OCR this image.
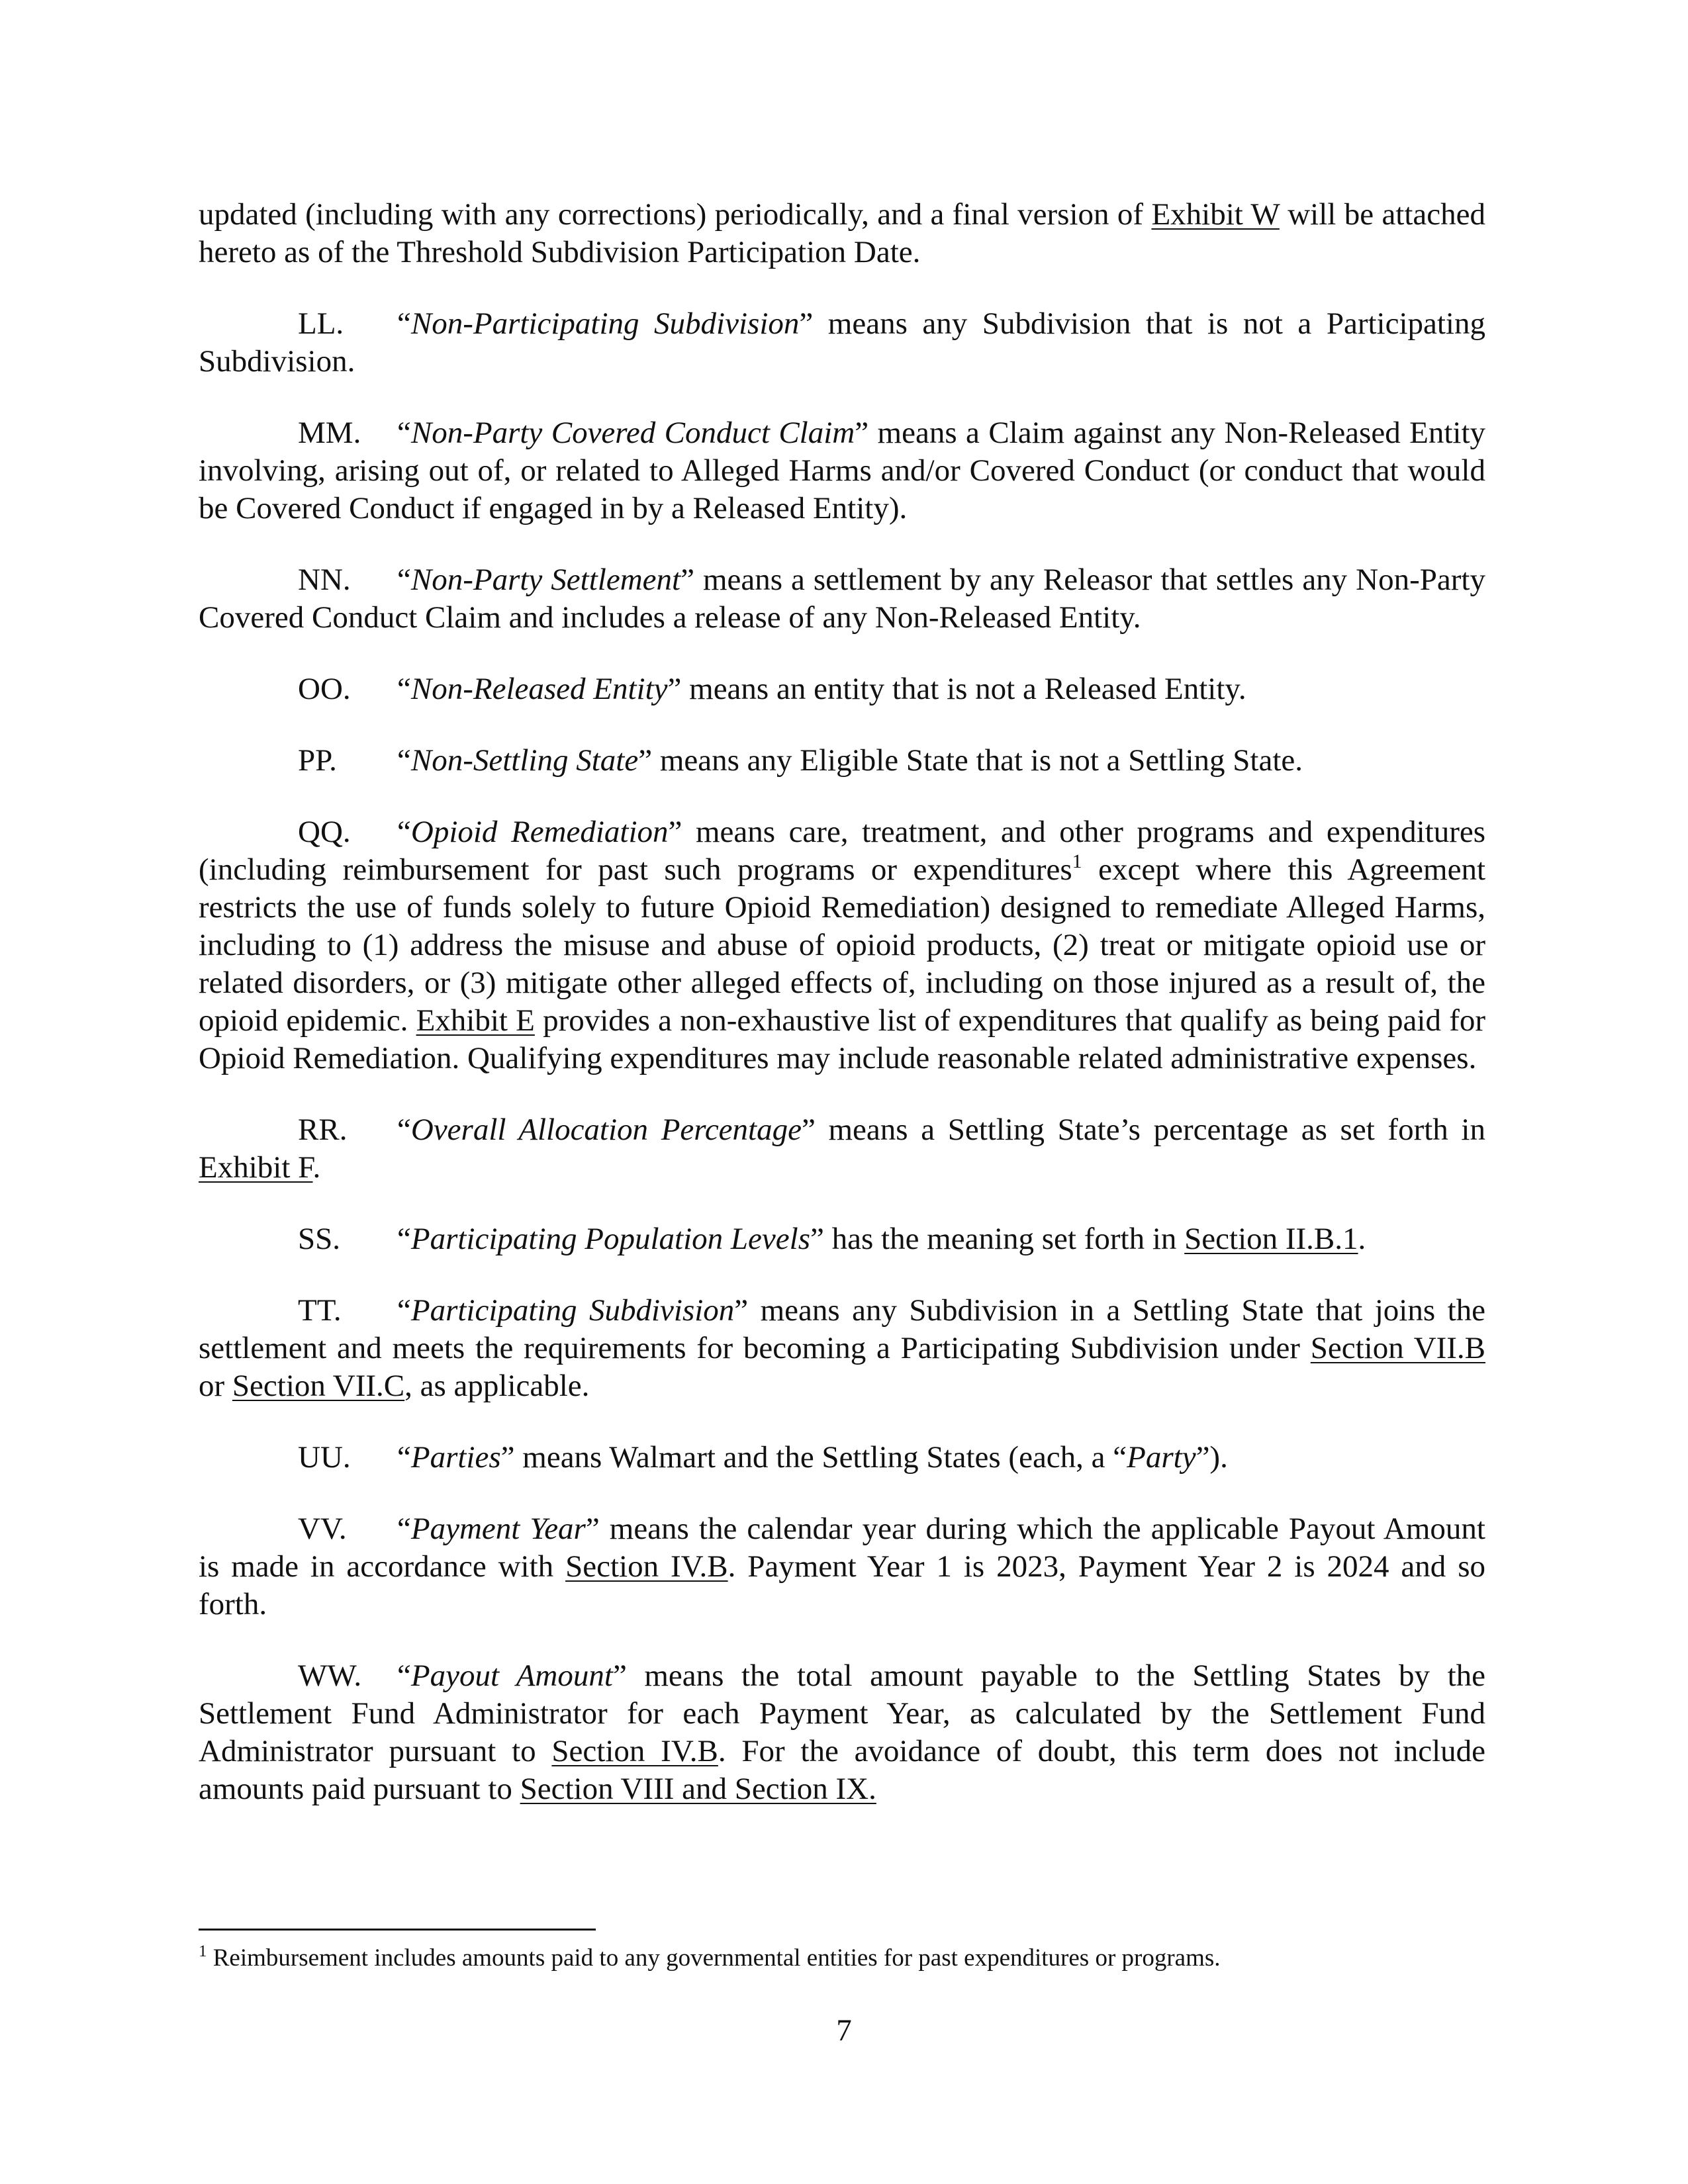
updated (including with any corrections) periodically, and a final version of Exhibit W will be attached hereto as of the Threshold Subdivision Participation Date.

LL. “Non-Participating Subdivision” means any Subdivision that is not a Participating Subdivision.

MM. “Non-Party Covered Conduct Claim” means a Claim against any Non-Released Entity involving, arising out of, or related to Alleged Harms and/or Covered Conduct (or conduct that would be Covered Conduct if engaged in by a Released Entity).

NN. “Non-Party Settlement” means a settlement by any Releasor that settles any Non-Party Covered Conduct Claim and includes a release of any Non-Released Entity.

OO. “Non-Released Entity” means an entity that is not a Released Entity.

PP. “Non-Settling State” means any Eligible State that is not a Settling State.

QQ. “Opioid Remediation” means care, treatment, and other programs and expenditures (including reimbursement for past such programs or expenditures$^1$ except where this Agreement restricts the use of funds solely to future Opioid Remediation) designed to remediate Alleged Harms, including to (1) address the misuse and abuse of opioid products, (2) treat or mitigate opioid use or related disorders, or (3) mitigate other alleged effects of, including on those injured as a result of, the opioid epidemic. Exhibit E provides a non-exhaustive list of expenditures that qualify as being paid for Opioid Remediation. Qualifying expenditures may include reasonable related administrative expenses.

RR. “Overall Allocation Percentage” means a Settling State’s percentage as set forth in Exhibit F.

SS. “Participating Population Levels” has the meaning set forth in Section II.B.1.

TT. “Participating Subdivision” means any Subdivision in a Settling State that joins the settlement and meets the requirements for becoming a Participating Subdivision under Section VII.B or Section VII.C, as applicable.

UU. “Parties” means Walmart and the Settling States (each, a “Party”).

VV. “Payment Year” means the calendar year during which the applicable Payout Amount is made in accordance with Section IV.B. Payment Year 1 is 2023, Payment Year 2 is 2024 and so forth.

WW. “Payout Amount” means the total amount payable to the Settling States by the Settlement Fund Administrator for each Payment Year, as calculated by the Settlement Fund Administrator pursuant to Section IV.B. For the avoidance of doubt, this term does not include amounts paid pursuant to Section VIII and Section IX.

$^1$ Reimbursement includes amounts paid to any governmental entities for past expenditures or programs.
7
